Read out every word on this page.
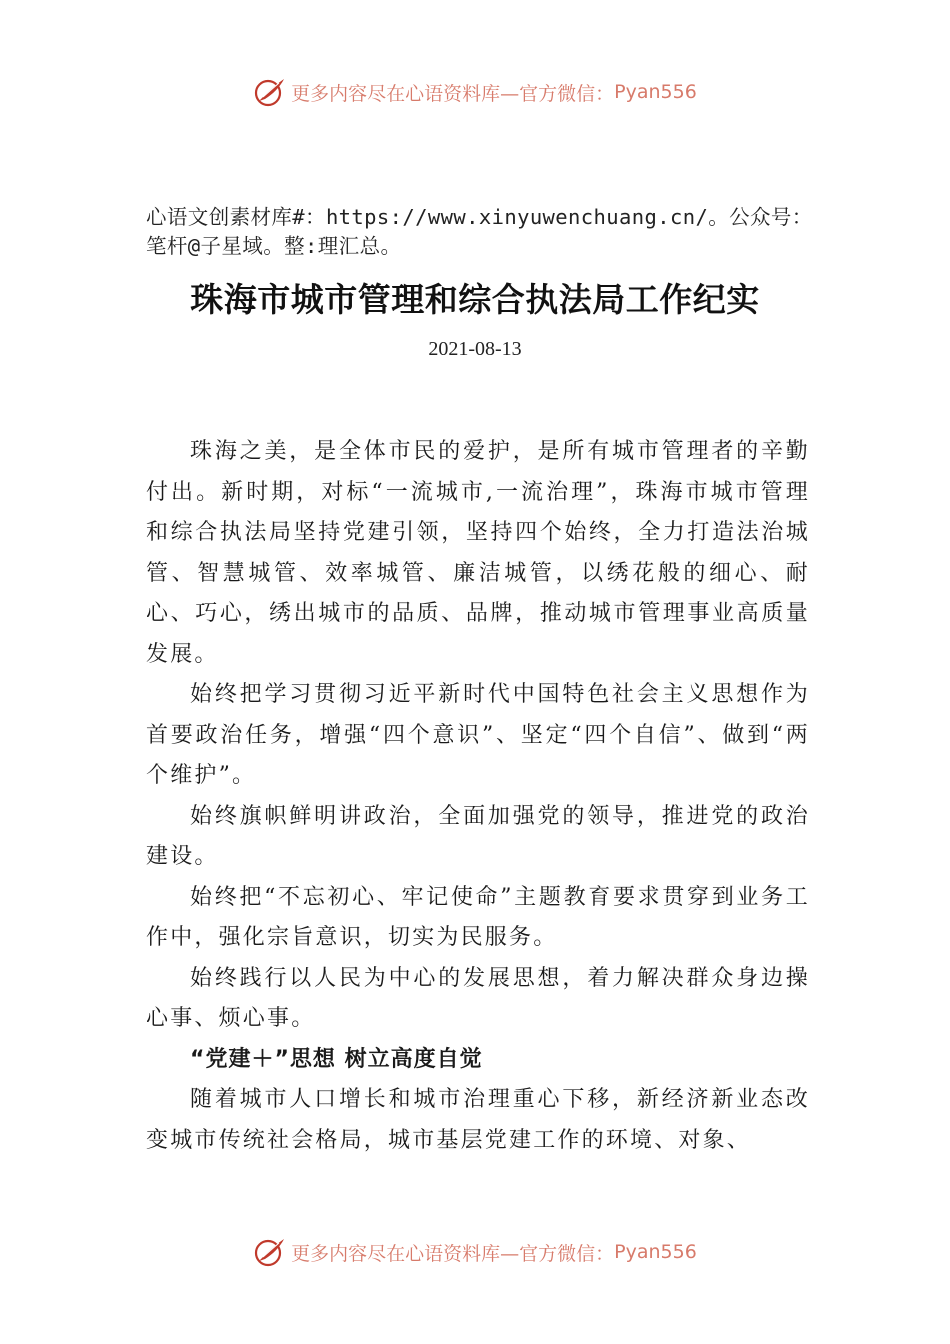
更多内容尽在心语资料库—官方微信： Pyan556
心语文创素材库#：https://www.xinyuwenchuang.cn/。公众号：笔杆@子星域。整:理汇总。
珠海市城市管理和综合执法局工作纪实
2021-08-13

珠海之美，是全体市民的爱护，是所有城市管理者的辛勤付出。新时期，对标“一流城市,一流治理”，珠海市城市管理和综合执法局坚持党建引领，坚持四个始终，全力打造法治城管、智慧城管、效率城管、廉洁城管，以绣花般的细心、耐心、巧心，绣出城市的品质、品牌，推动城市管理事业高质量发展。

始终把学习贯彻习近平新时代中国特色社会主义思想作为首要政治任务，增强“四个意识”、坚定“四个自信”、做到“两个维护”。

始终旗帜鲜明讲政治，全面加强党的领导，推进党的政治建设。

始终把“不忘初心、牢记使命”主题教育要求贯穿到业务工作中，强化宗旨意识，切实为民服务。

始终践行以人民为中心的发展思想，着力解决群众身边操心事、烦心事。

“党建＋”思想 树立高度自觉

随着城市人口增长和城市治理重心下移，新经济新业态改变城市传统社会格局，城市基层党建工作的环境、对象、

更多内容尽在心语资料库—官方微信： Pyan556
